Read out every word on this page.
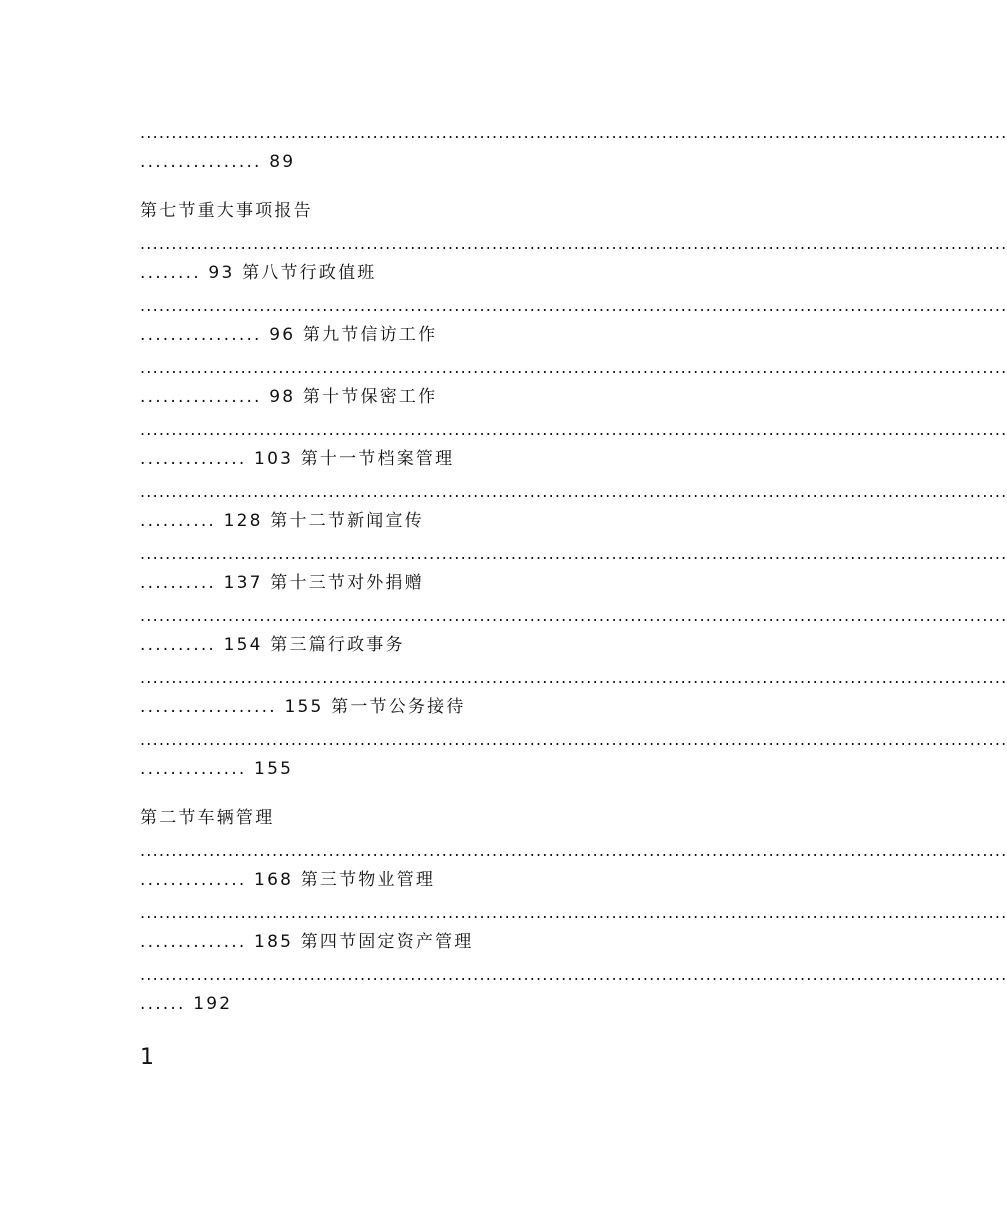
..........................................................................................................................................
................ 89
第七节重大事项报告
..........................................................................................................................................
........ 93 第八节行政值班
..........................................................................................................................................
................ 96 第九节信访工作
..........................................................................................................................................
................ 98 第十节保密工作
..........................................................................................................................................
.............. 103 第十一节档案管理
..........................................................................................................................................
.......... 128 第十二节新闻宣传
..........................................................................................................................................
.......... 137 第十三节对外捐赠
..........................................................................................................................................
.......... 154 第三篇行政事务
..........................................................................................................................................
.................. 155 第一节公务接待
..........................................................................................................................................
.............. 155
第二节车辆管理
..........................................................................................................................................
.............. 168 第三节物业管理
..........................................................................................................................................
.............. 185 第四节固定资产管理
..........................................................................................................................................
...... 192
1
